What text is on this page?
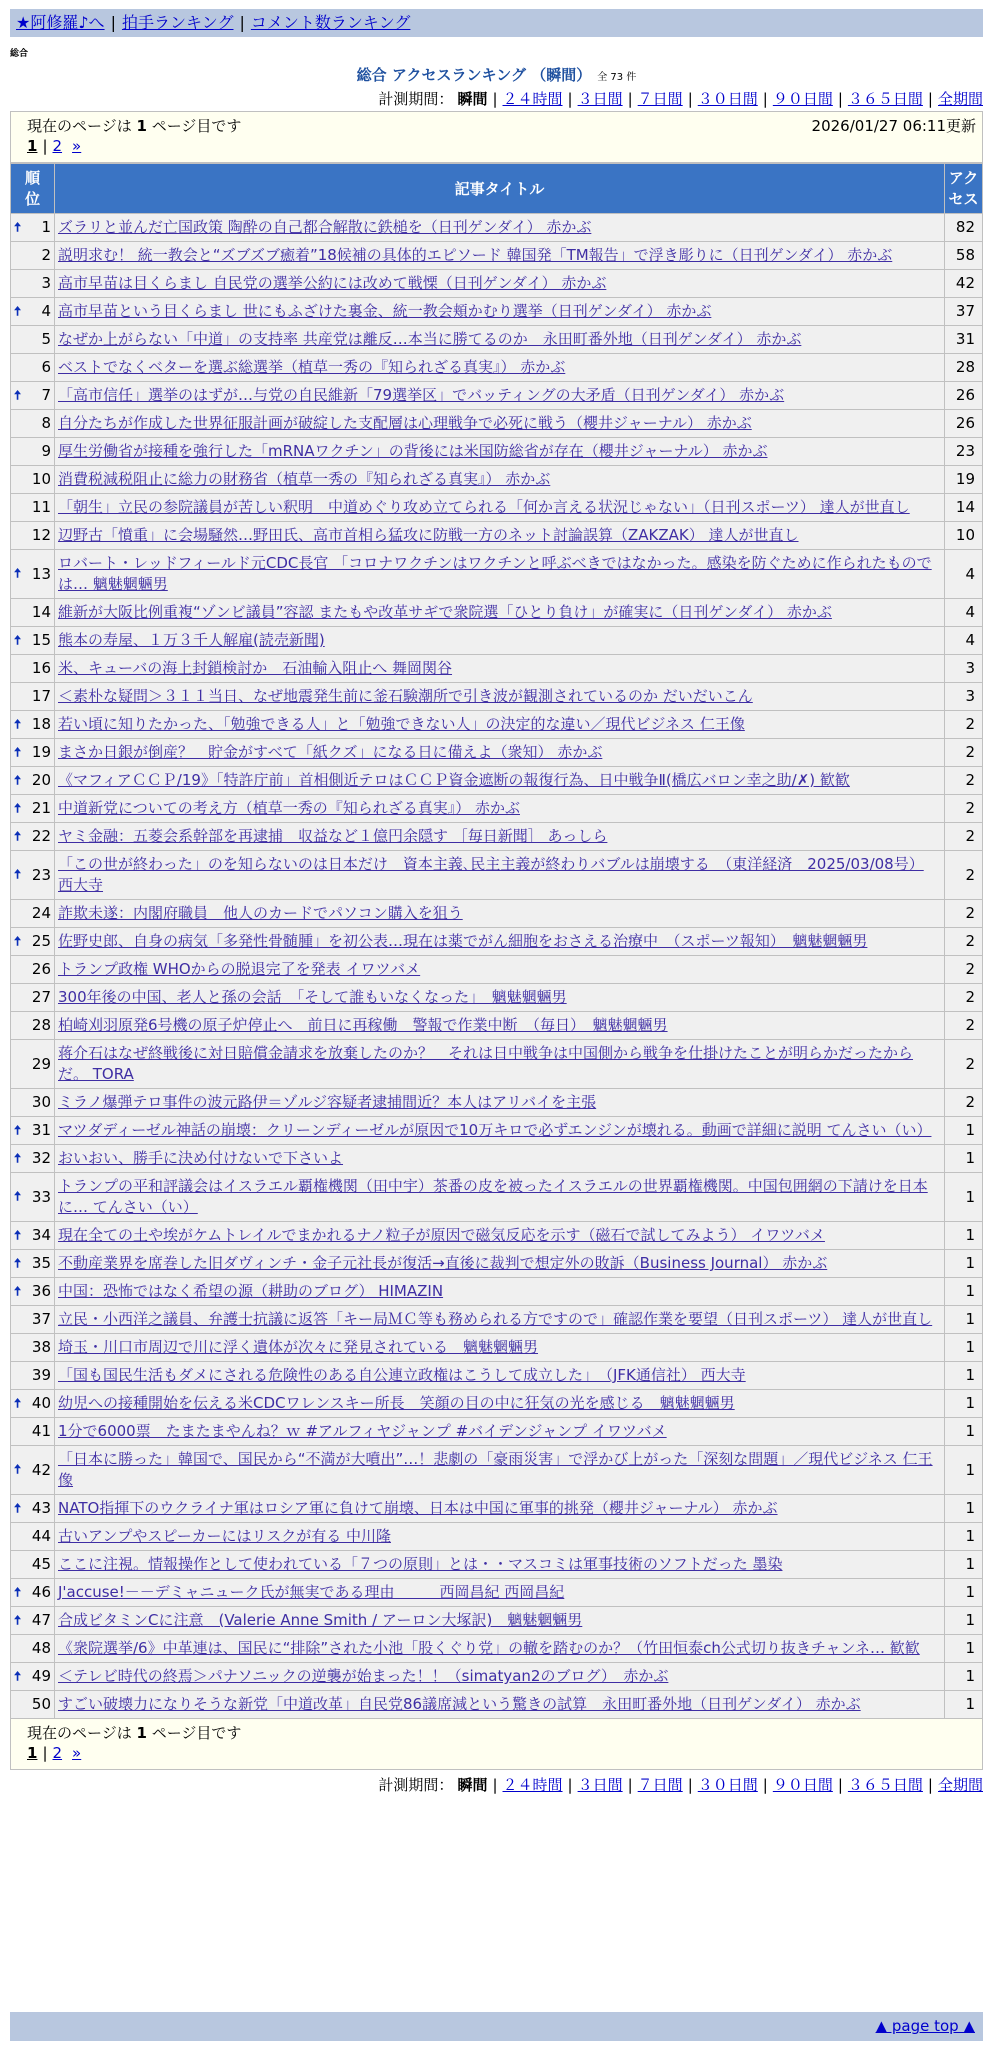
★阿修羅♪へ | 拍手ランキング | コメント数ランキング
総合
総合 アクセスランキング （瞬間） 全 73 件
計測期間： 瞬間 | ２４時間 | ３日間 | ７日間 | ３０日間 | ９０日間 | ３６５日間 | 全期間
現在のページは 1 ページ目です	2026/01/27 06:11更新
1 | 2 »
順位	記事タイトル	アクセス

🠅 1	ズラリと並んだ亡国政策 陶酔の自己都合解散に鉄槌を（日刊ゲンダイ） 赤かぶ	82
2	説明求む！ 統一教会と“ズブズブ癒着”18候補の具体的エピソード 韓国発「TM報告」で浮き彫りに（日刊ゲンダイ） 赤かぶ	58
3	高市早苗は目くらまし 自民党の選挙公約には改めて戦慄（日刊ゲンダイ） 赤かぶ	42

🠅 4	高市早苗という目くらまし 世にもふざけた裏金、統一教会頬かむり選挙（日刊ゲンダイ） 赤かぶ	37
5	なぜか上がらない「中道」の支持率 共産党は離反…本当に勝てるのか　永田町番外地（日刊ゲンダイ） 赤かぶ	31
6	ベストでなくベターを選ぶ総選挙（植草一秀の『知られざる真実』） 赤かぶ	28

🠅 7	「高市信任」選挙のはずが…与党の自民維新「79選挙区」でバッティングの大矛盾（日刊ゲンダイ） 赤かぶ	26
8	自分たちが作成した世界征服計画が破綻した支配層は心理戦争で必死に戦う（櫻井ジャーナル） 赤かぶ	26
9	厚生労働省が接種を強行した「mRNAワクチン」の背後には米国防総省が存在（櫻井ジャーナル） 赤かぶ	23
10	消費税減税阻止に総力の財務省（植草一秀の『知られざる真実』） 赤かぶ	19
11	「朝生」立民の参院議員が苦しい釈明　中道めぐり攻め立てられる「何か言える状況じゃない」（日刊スポーツ） 達人が世直し	14
12	辺野古「憤重」に会場騒然…野田氏、高市首相ら猛攻に防戦一方のネット討論誤算（ZAKZAK） 達人が世直し	10

🠅 13	ロバート・レッドフィールド元CDC長官 「コロナワクチンはワクチンと呼ぶべきではなかった。感染を防ぐために作られたものでは… 魑魅魍魎男	4
14	維新が大阪比例重複“ゾンビ議員”容認 またもや改革サギで衆院選「ひとり負け」が確実に（日刊ゲンダイ） 赤かぶ	4

🠅 15	熊本の寿屋、１万３千人解雇(読売新聞)	4
16	米、キューバの海上封鎖検討か　石油輸入阻止へ 舞岡関谷	3
17	＜素朴な疑問＞３１１当日、なぜ地震発生前に釜石験潮所で引き波が観測されているのか だいだいこん	3

🠅 18	若い頃に知りたかった、「勉強できる人」と「勉強できない人」の決定的な違い／現代ビジネス 仁王像	2

🠅 19	まさか日銀が倒産？　貯金がすべて「紙クズ」になる日に備えよ（衆知） 赤かぶ	2

🠅 20	《マフィアＣＣＰ/19》「特許庁前」首相側近テロはＣＣＰ資金遮断の報復行為、日中戦争Ⅱ(橋広バロン幸之助/✗) 歓歓	2

🠅 21	中道新党についての考え方（植草一秀の『知られざる真実』） 赤かぶ	2

🠅 22	ヤミ金融：五菱会系幹部を再逮捕　収益など１億円余隠す ［毎日新聞］ あっしら	2

🠅 23	「この世が終わった」のを知らないのは日本だけ　資本主義､民主主義が終わりバブルは崩壊する　（東洋経済　2025/03/08号） 西大寺	2
24	詐欺未遂：内閣府職員　他人のカードでパソコン購入を狙う	2

🠅 25	佐野史郎、自身の病気「多発性骨髄腫」を初公表…現在は薬でがん細胞をおさえる治療中　（スポーツ報知）　魑魅魍魎男	2
26	トランプ政権 WHOからの脱退完了を発表 イワツバメ	2
27	300年後の中国、老人と孫の会話　「そして誰もいなくなった」　魑魅魍魎男	2
28	柏崎刈羽原発6号機の原子炉停止へ　前日に再稼働　警報で作業中断　（毎日）　魑魅魍魎男	2
29	蒋介石はなぜ終戦後に対日賠償金請求を放棄したのか？　それは日中戦争は中国側から戦争を仕掛けたことが明らかだったからだ。 TORA	2
30	ミラノ爆弾テロ事件の波元路伊＝ゾルジ容疑者逮捕間近？本人はアリバイを主張	2

🠅 31	マツダディーゼル神話の崩壊：クリーンディーゼルが原因で10万キロで必ずエンジンが壊れる。動画で詳細に説明 てんさい（い）	1

🠅 32	おいおい、勝手に決め付けないで下さいよ	1

🠅 33	トランプの平和評議会はイスラエル覇権機関（田中宇）茶番の皮を被ったイスラエルの世界覇権機関。中国包囲網の下請けを日本に… てんさい（い）	1

🠅 34	現在全ての土や埃がケムトレイルでまかれるナノ粒子が原因で磁気反応を示す（磁石で試してみよう） イワツバメ	1

🠅 35	不動産業界を席巻した旧ダヴィンチ・金子元社長が復活→直後に裁判で想定外の敗訴（Business Journal） 赤かぶ	1

🠅 36	中国：恐怖ではなく希望の源（耕助のブログ） HIMAZIN	1
37	立民・小西洋之議員、弁護士抗議に返答「キー局ＭＣ等も務められる方ですので」確認作業を要望（日刊スポーツ） 達人が世直し	1
38	埼玉・川口市周辺で川に浮く遺体が次々に発見されている　魑魅魍魎男	1
39	「国も国民生活もダメにされる危険性のある自公連立政権はこうして成立した」　（JFK通信社） 西大寺	1

🠅 40	幼児への接種開始を伝える米CDCワレンスキー所長　笑顔の目の中に狂気の光を感じる　魑魅魍魎男	1
41	1分で6000票　たまたまやんね？ｗ #アルフィヤジャンプ #バイデンジャンプ イワツバメ	1

🠅 42	「日本に勝った」韓国で、国民から“不満が大噴出”…！悲劇の「豪雨災害」で浮かび上がった「深刻な問題」／現代ビジネス 仁王像	1

🠅 43	NATO指揮下のウクライナ軍はロシア軍に負けて崩壊、日本は中国に軍事的挑発（櫻井ジャーナル） 赤かぶ	1
44	古いアンプやスピーカーにはリスクが有る 中川隆	1
45	ここに注視。情報操作として使われている「７つの原則」とは・・マスコミは軍事技術のソフトだった 墨染	1

🠅 46	J'accuse!－－デミャニューク氏が無実である理由　　　西岡昌紀 西岡昌紀	1

🠅 47	合成ビタミンCに注意　(Valerie Anne Smith / アーロン大塚訳)　魑魅魍魎男	1
48	《衆院選挙/6》中革連は、国民に“排除”された小池「股くぐり党」の轍を踏むのか？（竹田恒泰ch公式切り抜きチャンネ… 歓歓	1

🠅 49	＜テレビ時代の終焉＞パナソニックの逆襲が始まった！！（simatyan2のブログ）　赤かぶ	1
50	すごい破壊力になりそうな新党「中道改革」自民党86議席減という驚きの試算　永田町番外地（日刊ゲンダイ） 赤かぶ	1
現在のページは 1 ページ目です
1 | 2 »
計測期間： 瞬間 | ２４時間 | ３日間 | ７日間 | ３０日間 | ９０日間 | ３６５日間 | 全期間
▲ page top ▲
